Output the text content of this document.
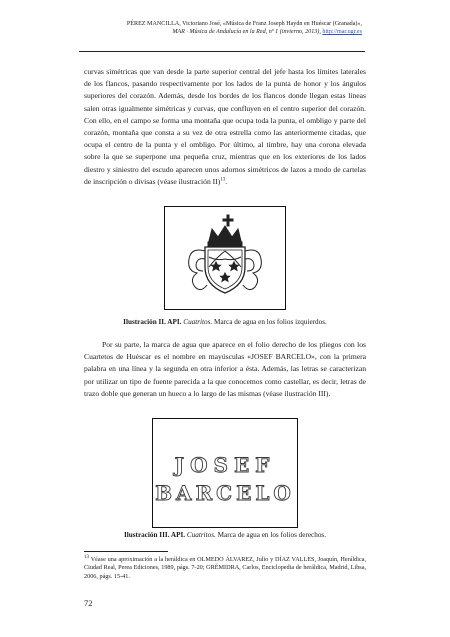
PÉREZ MANCILLA, Victoriano José, «Música de Franz Joseph Haydn en Huéscar (Granada)»,
MAR · Música de Andalucía en la Red, nº 1 (invierno, 2013), http://mar.ugr.es

curvas simétricas que van desde la parte superior central del jefe hasta los límites laterales de los flancos, pasando respectivamente por los lados de la punta de honor y los ángulos superiores del corazón. Además, desde los bordes de los flancos donde llegan estas líneas salen otras igualmente simétricas y curvas, que confluyen en el centro superior del corazón. Con ello, en el campo se forma una montaña que ocupa toda la punta, el ombligo y parte del corazón, montaña que consta a su vez de otra estrella como las anteriormente citadas, que ocupa el centro de la punta y el ombligo. Por último, al timbre, hay una corona elevada sobre la que se superpone una pequeña cruz, mientras que en los exteriores de los lados diestro y siniestro del escudo aparecen unos adornos simétricos de lazos a modo de cartelas de inscripción o divisas (véase ilustración II)$^{13}$.

Ilustración II. API. Cuatritos. Marca de agua en los folios izquierdos.

Por su parte, la marca de agua que aparece en el folio derecho de los pliegos con los Cuartetos de Huéscar es el nombre en mayúsculas «JOSEF BARCELO», con la primera palabra en una línea y la segunda en otra inferior a ésta. Además, las letras se caracterizan por utilizar un tipo de fuente parecida a la que conocemos como castellar, es decir, letras de trazo doble que generan un hueco a lo largo de las mismas (véase ilustración III).

JOSEF
BARCELO
Ilustración III. API. Cuatritos. Marca de agua en los folios derechos.

$^{13}$ Véase una aproximación a la heráldica en OLMEDO ÁLVAREZ, Julio y DÍAZ VALLES, Joaquín, Heráldica, Ciudad Real, Perea Ediciones, 1989, págs. 7-20; GRÉMIDRA, Carlos, Enciclopedia de heráldica, Madrid, Libsa, 2006, págs. 15-41.

72
